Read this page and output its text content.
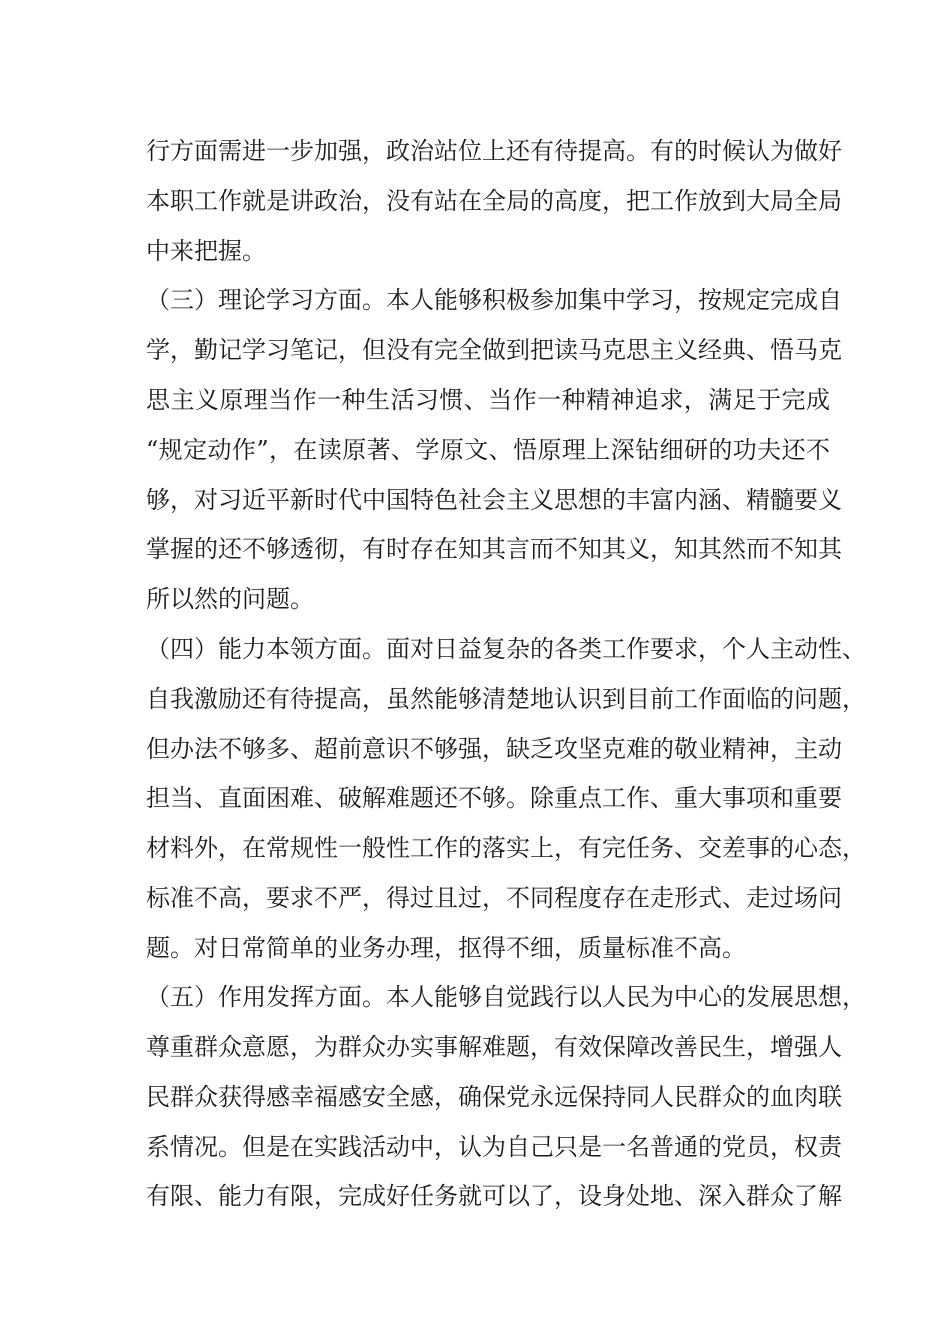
行方面需进一步加强，政治站位上还有待提高。有的时候认为做好
本职工作就是讲政治，没有站在全局的高度，把工作放到大局全局
中来把握。
（三）理论学习方面。本人能够积极参加集中学习，按规定完成自
学，勤记学习笔记，但没有完全做到把读马克思主义经典、悟马克
思主义原理当作一种生活习惯、当作一种精神追求，满足于完成
“规定动作”，在读原著、学原文、悟原理上深钻细研的功夫还不
够，对习近平新时代中国特色社会主义思想的丰富内涵、精髓要义
掌握的还不够透彻，有时存在知其言而不知其义，知其然而不知其
所以然的问题。
（四）能力本领方面。面对日益复杂的各类工作要求，个人主动性、
自我激励还有待提高，虽然能够清楚地认识到目前工作面临的问题，
但办法不够多、超前意识不够强，缺乏攻坚克难的敬业精神，主动
担当、直面困难、破解难题还不够。除重点工作、重大事项和重要
材料外，在常规性一般性工作的落实上，有完任务、交差事的心态，
标准不高，要求不严，得过且过，不同程度存在走形式、走过场问
题。对日常简单的业务办理，抠得不细，质量标准不高。
（五）作用发挥方面。本人能够自觉践行以人民为中心的发展思想，
尊重群众意愿，为群众办实事解难题，有效保障改善民生，增强人
民群众获得感幸福感安全感，确保党永远保持同人民群众的血肉联
系情况。但是在实践活动中，认为自己只是一名普通的党员，权责
有限、能力有限，完成好任务就可以了，设身处地、深入群众了解
